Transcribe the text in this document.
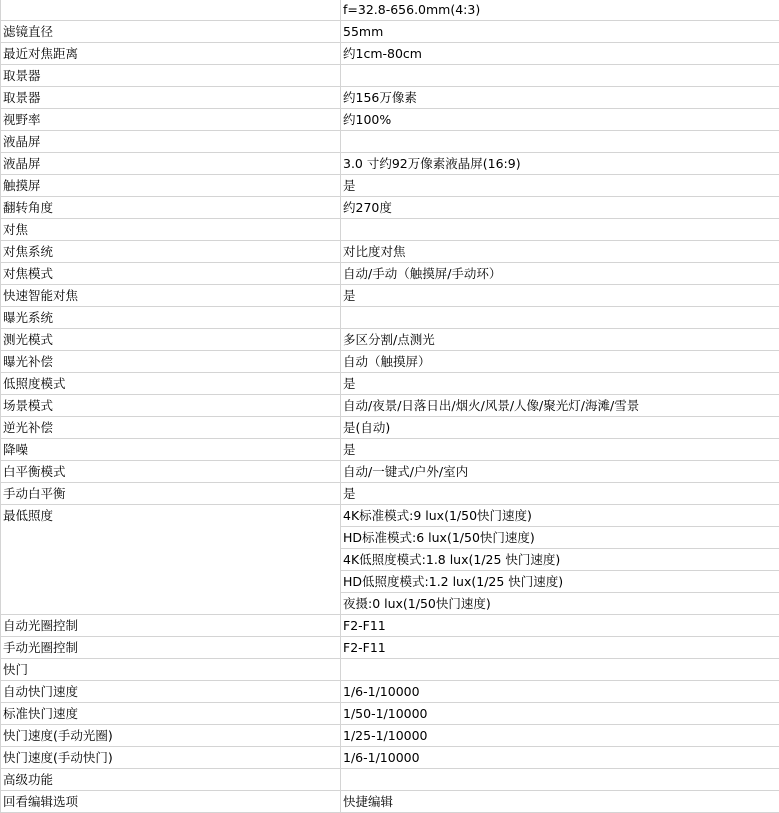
	f=32.8-656.0mm(4:3)
滤镜直径	55mm
最近对焦距离	约1cm-80cm
取景器	
取景器	约156万像素
视野率	约100%
液晶屏	
液晶屏	3.0 寸约92万像素液晶屏(16:9)
触摸屏	是
翻转角度	约270度
对焦	
对焦系统	对比度对焦
对焦模式	自动/手动（触摸屏/手动环）
快速智能对焦	是
曝光系统	
测光模式	多区分割/点测光
曝光补偿	自动（触摸屏）
低照度模式	是
场景模式	自动/夜景/日落日出/烟火/风景/人像/聚光灯/海滩/雪景
逆光补偿	是(自动)
降噪	是
白平衡模式	自动/一键式/户外/室内
手动白平衡	是
最低照度	4K标准模式:9 lux(1/50快门速度)
HD标准模式:6 lux(1/50快门速度)
4K低照度模式:1.8 lux(1/25 快门速度)
HD低照度模式:1.2 lux(1/25 快门速度)
夜摄:0 lux(1/50快门速度)

自动光圈控制	F2-F11
手动光圈控制	F2-F11
快门	
自动快门速度	1/6-1/10000
标准快门速度	1/50-1/10000
快门速度(手动光圈)	1/25-1/10000
快门速度(手动快门)	1/6-1/10000
高级功能	
回看编辑选项	快捷编辑
